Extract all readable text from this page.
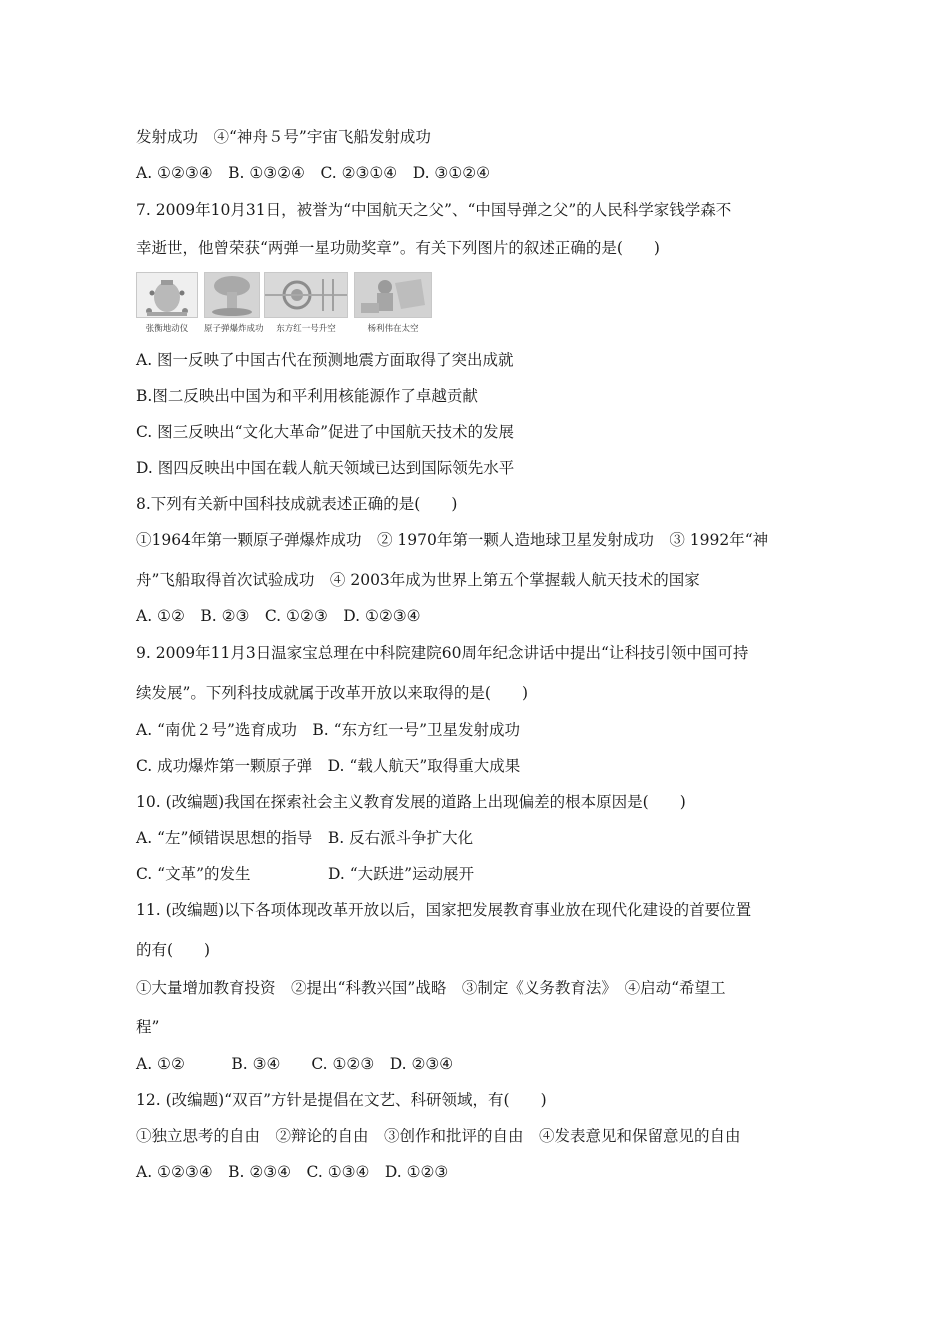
发射成功　④“神舟５号”宇宙飞船发射成功
A. ①②③④　B. ①③②④　C. ②③①④　D. ③①②④
7. 2009年10月31日，被誉为“中国航天之父”、“中国导弹之父”的人民科学家钱学森不
幸逝世，他曾荣获“两弹一星功勋奖章”。有关下列图片的叙述正确的是(　　)
张衡地动仪	原子弹爆炸成功	东方红一号升空	杨利伟在太空
A. 图一反映了中国古代在预测地震方面取得了突出成就
B.图二反映出中国为和平利用核能源作了卓越贡献
C. 图三反映出“文化大革命”促进了中国航天技术的发展
D. 图四反映出中国在载人航天领域已达到国际领先水平
8.下列有关新中国科技成就表述正确的是(　　)
①1964年第一颗原子弹爆炸成功　② 1970年第一颗人造地球卫星发射成功　③ 1992年“神
舟”飞船取得首次试验成功　④ 2003年成为世界上第五个掌握载人航天技术的国家
A. ①②　B. ②③　C. ①②③　D. ①②③④
9. 2009年11月3日温家宝总理在中科院建院60周年纪念讲话中提出“让科技引领中国可持
续发展”。下列科技成就属于改革开放以来取得的是(　　)
A. “南优２号”选育成功　B. “东方红一号”卫星发射成功
C. 成功爆炸第一颗原子弹　D. “载人航天”取得重大成果
10. (改编题)我国在探索社会主义教育发展的道路上出现偏差的根本原因是(　　)
A. “左”倾错误思想的指导　B. 反右派斗争扩大化
C. “文革”的发生　　　　　D. “大跃进”运动展开
11. (改编题)以下各项体现改革开放以后，国家把发展教育事业放在现代化建设的首要位置
的有(　　)
①大量增加教育投资　②提出“科教兴国”战略　③制定《义务教育法》　④启动“希望工
程”
A. ①②　　　B. ③④　　C. ①②③　D. ②③④
12. (改编题)“双百”方针是提倡在文艺、科研领域，有(　　)
①独立思考的自由　②辩论的自由　③创作和批评的自由　④发表意见和保留意见的自由
A. ①②③④　B. ②③④　C. ①③④　D. ①②③
